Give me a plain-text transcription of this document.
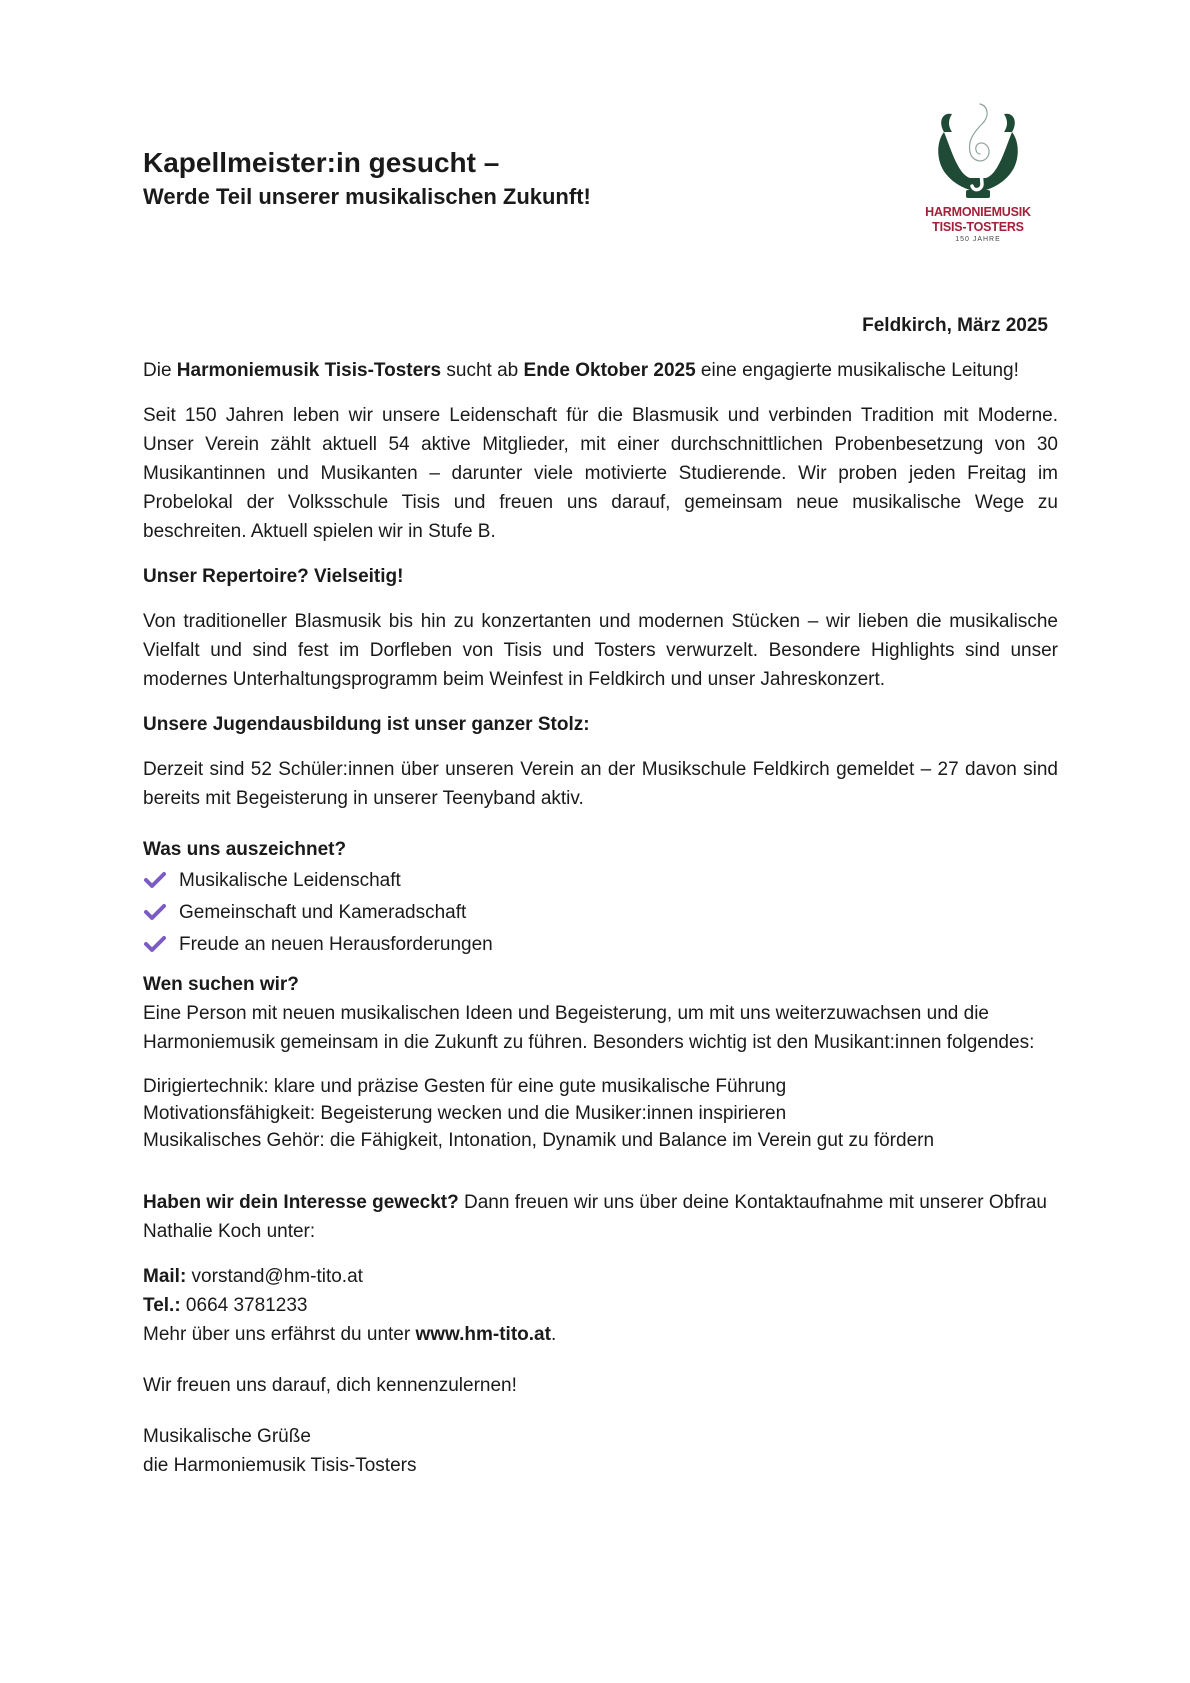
Kapellmeister:in gesucht –

Werde Teil unserer musikalischen Zukunft!

HARMONIEMUSIK
TISIS-TOSTERS
150 JAHRE

Feldkirch, März 2025

Die Harmoniemusik Tisis-Tosters sucht ab Ende Oktober 2025 eine engagierte musikalische Leitung!

Seit 150 Jahren leben wir unsere Leidenschaft für die Blasmusik und verbinden Tradition mit Moderne. Unser Verein zählt aktuell 54 aktive Mitglieder, mit einer durchschnittlichen Probenbesetzung von 30 Musikantinnen und Musikanten – darunter viele motivierte Studierende. Wir proben jeden Freitag im Probelokal der Volksschule Tisis und freuen uns darauf, gemeinsam neue musikalische Wege zu beschreiten. Aktuell spielen wir in Stufe B.

Unser Repertoire? Vielseitig!

Von traditioneller Blasmusik bis hin zu konzertanten und modernen Stücken – wir lieben die musikalische Vielfalt und sind fest im Dorfleben von Tisis und Tosters verwurzelt. Besondere Highlights sind unser modernes Unterhaltungsprogramm beim Weinfest in Feldkirch und unser Jahreskonzert.

Unsere Jugendausbildung ist unser ganzer Stolz:

Derzeit sind 52 Schüler:innen über unseren Verein an der Musikschule Feldkirch gemeldet – 27 davon sind bereits mit Begeisterung in unserer Teenyband aktiv.

Was uns auszeichnet?

Musikalische Leidenschaft
Gemeinschaft und Kameradschaft
Freude an neuen Herausforderungen

Wen suchen wir?

Eine Person mit neuen musikalischen Ideen und Begeisterung, um mit uns weiterzuwachsen und die Harmoniemusik gemeinsam in die Zukunft zu führen. Besonders wichtig ist den Musikant:innen folgendes:

Dirigiertechnik: klare und präzise Gesten für eine gute musikalische Führung

Motivationsfähigkeit: Begeisterung wecken und die Musiker:innen inspirieren

Musikalisches Gehör: die Fähigkeit, Intonation, Dynamik und Balance im Verein gut zu fördern

Haben wir dein Interesse geweckt? Dann freuen wir uns über deine Kontaktaufnahme mit unserer Obfrau Nathalie Koch unter:

Mail: vorstand@hm-tito.at

Tel.: 0664 3781233

Mehr über uns erfährst du unter www.hm-tito.at.

Wir freuen uns darauf, dich kennenzulernen!

Musikalische Grüße

die Harmoniemusik Tisis-Tosters
